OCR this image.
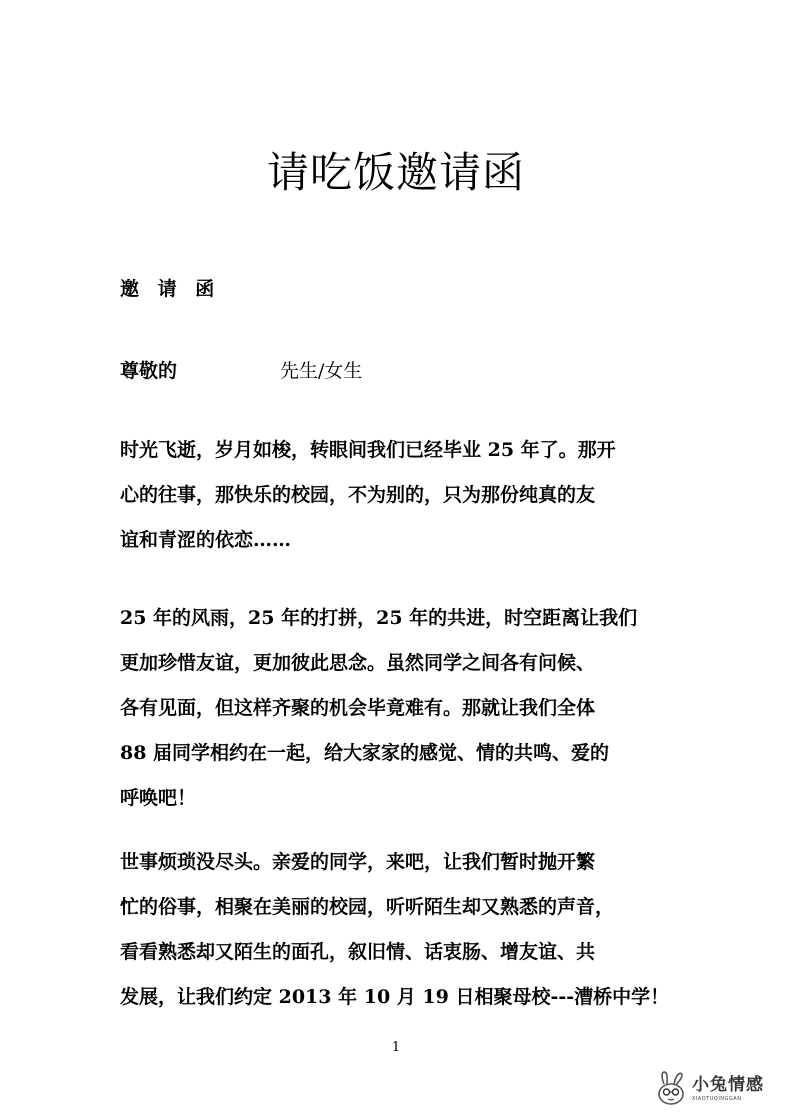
请吃饭邀请函
邀 请 函
尊敬的	先生/女生
时光飞逝，岁月如梭，转眼间我们已经毕业 25 年了。那开
心的往事，那快乐的校园，不为别的，只为那份纯真的友
谊和青涩的依恋……
25 年的风雨，25 年的打拼，25 年的共进，时空距离让我们
更加珍惜友谊，更加彼此思念。虽然同学之间各有问候、
各有见面，但这样齐聚的机会毕竟难有。那就让我们全体
88 届同学相约在一起，给大家家的感觉、情的共鸣、爱的
呼唤吧！
世事烦琐没尽头。亲爱的同学，来吧，让我们暂时抛开繁
忙的俗事，相聚在美丽的校园，听听陌生却又熟悉的声音，
看看熟悉却又陌生的面孔，叙旧情、话衷肠、增友谊、共
发展，让我们约定 2013 年 10 月 19 日相聚母校---漕桥中学！
1
小兔情感
XIAOTUQINGGAN
